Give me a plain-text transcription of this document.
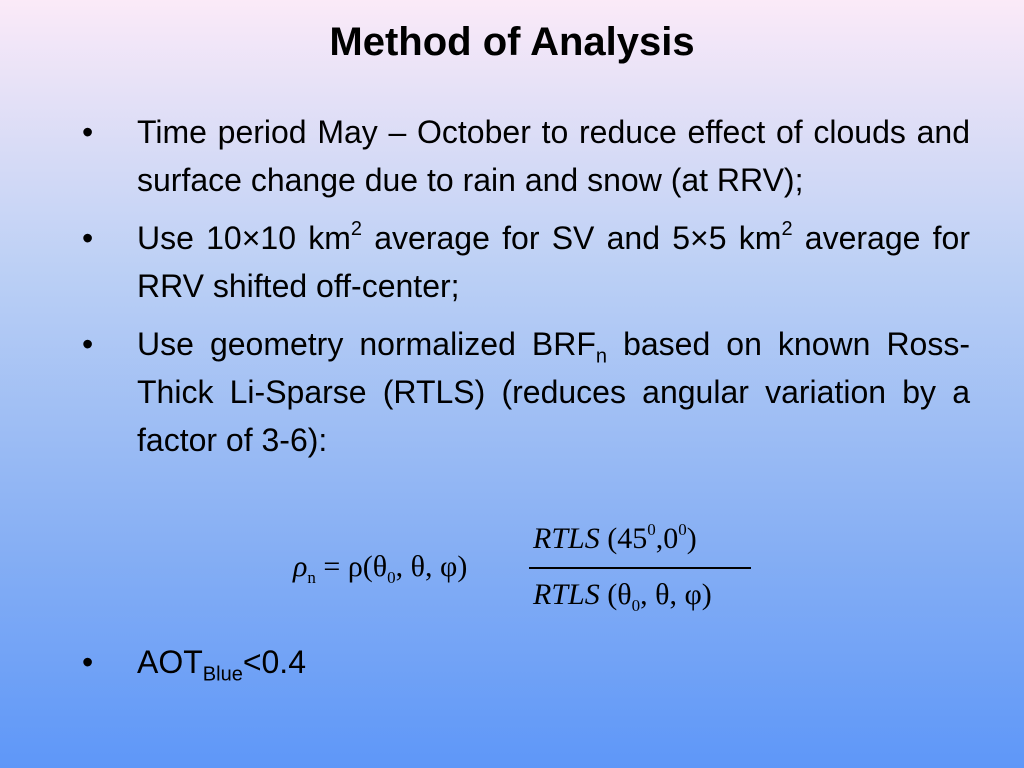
Method of Analysis
• Time period May – October to reduce effect of clouds and surface change due to rain and snow (at RRV);
• Use 10×10 $km^2$ average for SV and 5×5 $km^2$ average for RRV shifted off-center;
• Use geometry normalized $BRF_n$ based on known Ross-Thick Li-Sparse (RTLS) (reduces angular variation by a factor of 3-6):
$\rho_n = \rho(\theta_0$, θ, φ)
RTLS $(45^0,0^0)$
RTLS ($\theta_0$, θ, φ)
• $AOT_{Blue}<0.4$
